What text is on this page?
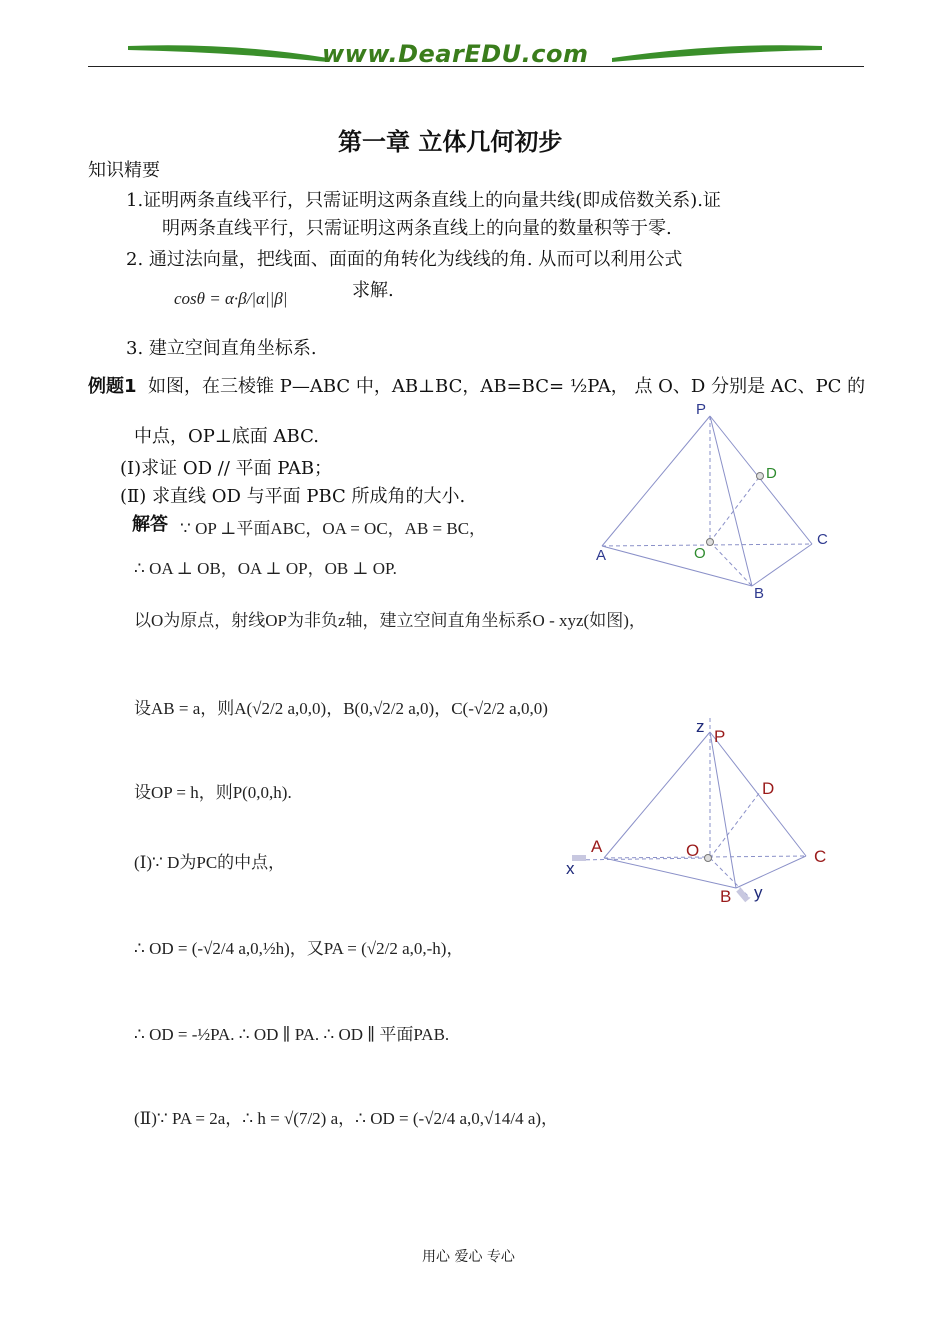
www.DearEDU.com
第一章 立体几何初步
知识精要
1.证明两条直线平行，只需证明这两条直线上的向量共线(即成倍数关系).证
明两条直线平行，只需证明这两条直线上的向量的数量积等于零.
2. 通过法向量，把线面、面面的角转化为线线的角. 从而可以利用公式
cosθ = α·β/|α||β|	求解.
3. 建立空间直角坐标系.
例题1 如图，在三棱锥 P—ABC 中，AB⊥BC，AB=BC= ½PA， 点 O、D 分别是 AC、PC 的
中点，OP⊥底面 ABC.
(Ⅰ)求证 OD // 平面 PAB；
(Ⅱ) 求直线 OD 与平面 PBC 所成角的大小.
解答 ∵ OP ⊥平面ABC，OA = OC，AB = BC，
∴ OA ⊥ OB，OA ⊥ OP，OB ⊥ OP.
以O为原点，射线OP为非负z轴，建立空间直角坐标系O - xyz(如图)，
设AB = a，则A(√2/2 a,0,0)，B(0,√2/2 a,0)，C(-√2/2 a,0,0)
设OP = h，则P(0,0,h).
(Ⅰ)∵ D为PC的中点，
∴ OD = (-√2/4 a,0,½h)，又PA = (√2/2 a,0,-h)，
∴ OD = -½PA. ∴ OD ∥ PA. ∴ OD ∥ 平面PAB.
(Ⅱ)∵ PA = 2a，∴ h = √(7/2) a，∴ OD = (-√2/4 a,0,√14/4 a)，
P
D
O
C
A
B
z
P
D
O
A
C
x
B y
用心 爱心 专心
